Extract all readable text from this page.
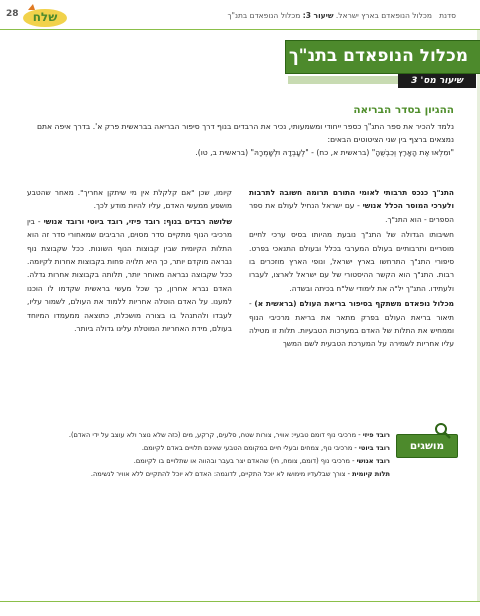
28 שלח	סדנת   מכלול הנופאדם בארץ ישראל. שיעור 3: מכלול הנופאדם בתנ"ך
מכלול הנופאדם בתנ"ך
שיעור מס' 3
ההגיון בסדר הבריאה

נלמד להכיר את ספר התנ"ך כספר ייחודי ומשמעותי, נכיר את הרבדים בנוף דרך סיפור הבריאה בבראשית פרק א'. בדרך איפה אתם נמצאים ברצף בין שני הציטוטים הבאים:

"וּמִלְאוּ אֶת הָאָרֶץ וְכִבְשֻׁהָ" (בראשית א, כח) - "לְעָבְדָהּ וּלְשָׁמְרָהּ" (בראשית ב, טו).

התנ"ך כנכס תרבותי לאומי התורם תרומה חשובה לתרבות ולערכי המוסר הכלל אנושי - עם ישראל הנחיל לעולם את ספר הספרים - הוא התנ"ך.

חשיבותו הגדולה של התנ"ך נובעת מהיותו בסיס ערכי לחיים מוסריים ותרבותיים בעולם המערבי בכלל ובעולם התנאכי בפרט. סיפורי התנ"ך התרחשו בארץ ישראל, ונופי הארץ מוזכרים בו רבות. התנ"ך הוא הקשר ההיסטורי של עם ישראל לארצו, לעברו ולעתידו. התנ"ך יל"ה את לימודי של"ח בכיתה ובשדה.

מכלול נופאדם משתקף בסיפור בריאת העולם (בראשית א) - תיאור בריאת העולם בפרק מתאר את בריאת מרכיבי הנוף וממחיש את התלות של האדם במערכות הטבעיות. תלות זו מטילה עליו אחריות לשמירה על המערכת הטבעית לשם המשך

קיומו, שכן "אם קלקלת אין מי שיתקן אחריך". מאחר שהטבע מושפע ממעשי האדם, עליו להיות מודע לכך.

שלושה רבדים בנוף: רובד פיזי, רובד ביוטי ורובד אנושי - בין מרכיבי הנוף מתקיים סדר מסוים, הרביבים שמאחורי סדר זה הוא התלות הקיומית שבין קבוצות הנוף השונות. ככל שקבוצת נוף נבראה מוקדם יותר, כך היא תלויה פחות בקבוצות אחרות לקיומה. ככל שקבוצה נבראה מאוחר יותר, תלותה בקבוצות אחרות גדלה. האדם נברא אחרון, כך שכל מעשי בראשית שקדמו לו הוכנו למענו. על האדם הוטלה אחריות ללמוד את העולם, לשמור עליו, לעבדו ולהתנהל בו בצורה מושכלת, כתוצאה ממעמדו המיוחד בעולם, מידת האחריות המוטלת עלינו גדולה ביותר.

מושגים

רובד פיזי - מרכיבי נוף דומם טבעיי: אוויר, צורות שטח, סלעים, קרקע, מים (כזה שלא נוצר ולא עוצב על ידי האדם).

רובד ביוטי - מרכיבי נוף, צמחים ובעלי חיים במקומם הטבעי שאינם תלויים באדם לקיומם.

רובד אנושי - מרכיבי נוף (דומם, צומח, חי) שהאדם יצר בעבר ובהווה או שתלויים בו לקיומם.

תלות קיומית - צורך שבלעדיו מימושו לא יוכל התקיים, לדוגמה: האדם לא יוכל להתקיים ללא אוויר לנשימה.
